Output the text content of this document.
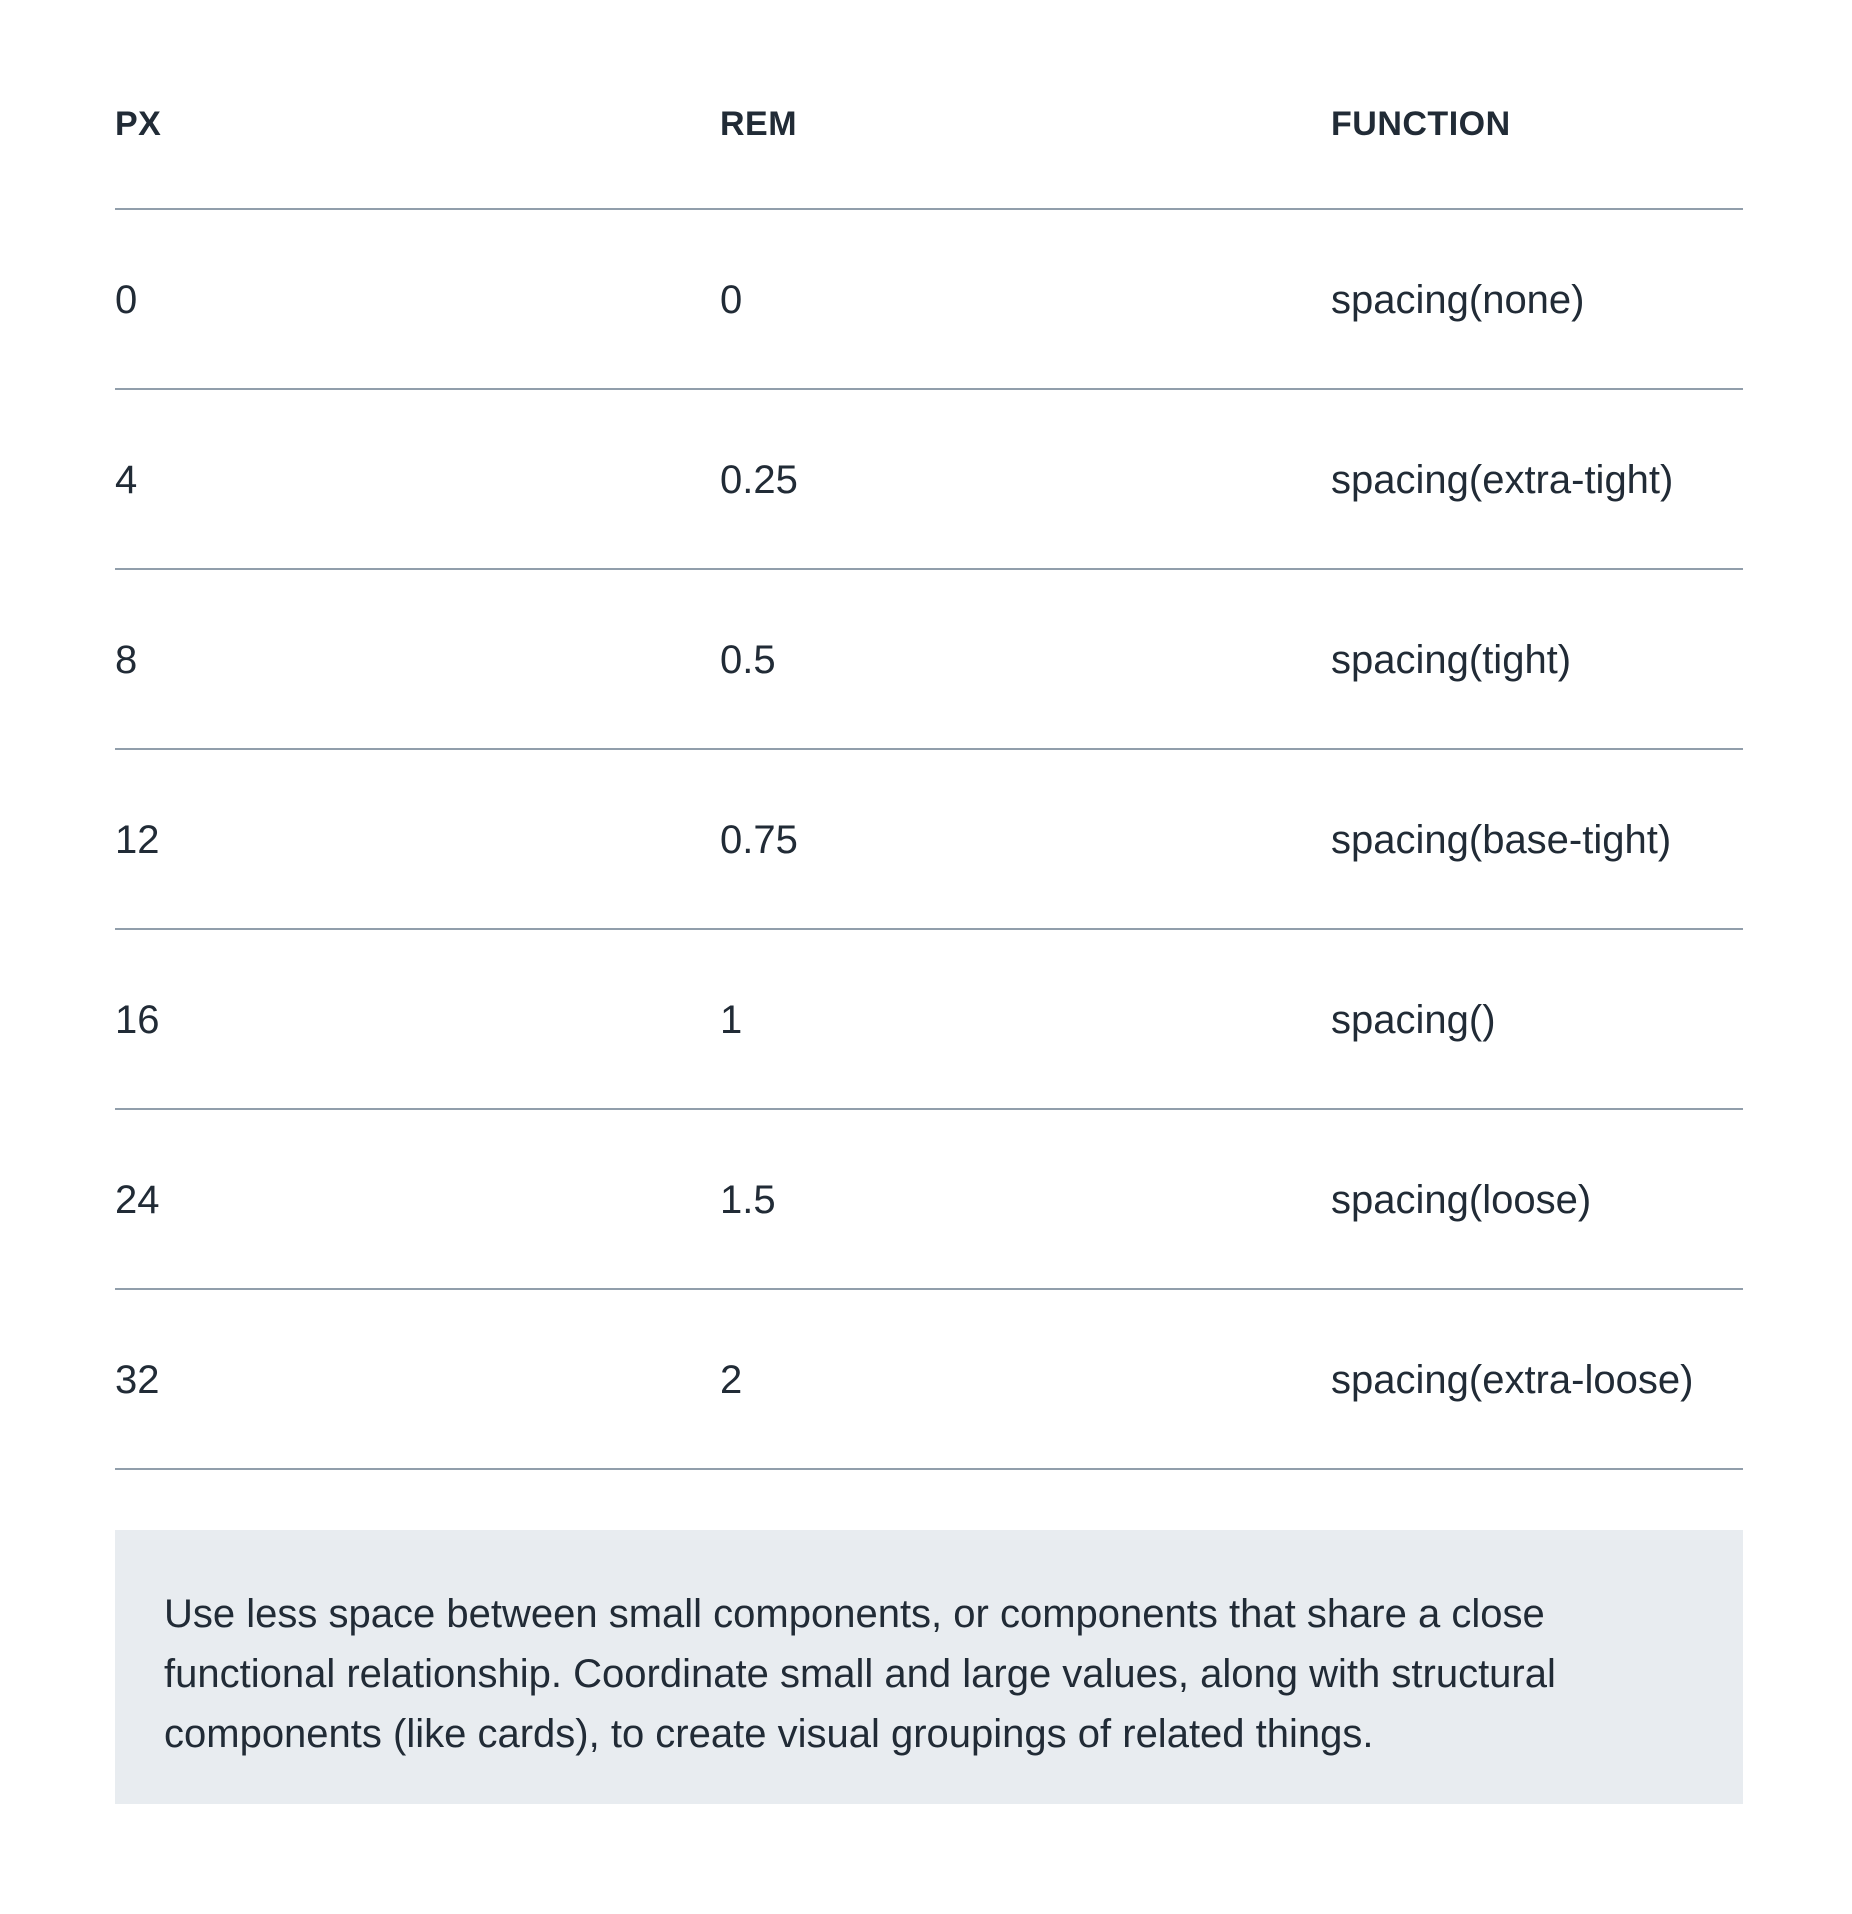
PX	REM	FUNCTION
0	0	spacing(none)
4	0.25	spacing(extra-tight)
8	0.5	spacing(tight)
12	0.75	spacing(base-tight)
16	1	spacing()
24	1.5	spacing(loose)
32	2	spacing(extra-loose)
Use less space between small components, or components that share a close functional relationship. Coordinate small and large values, along with structural components (like cards), to create visual groupings of related things.
